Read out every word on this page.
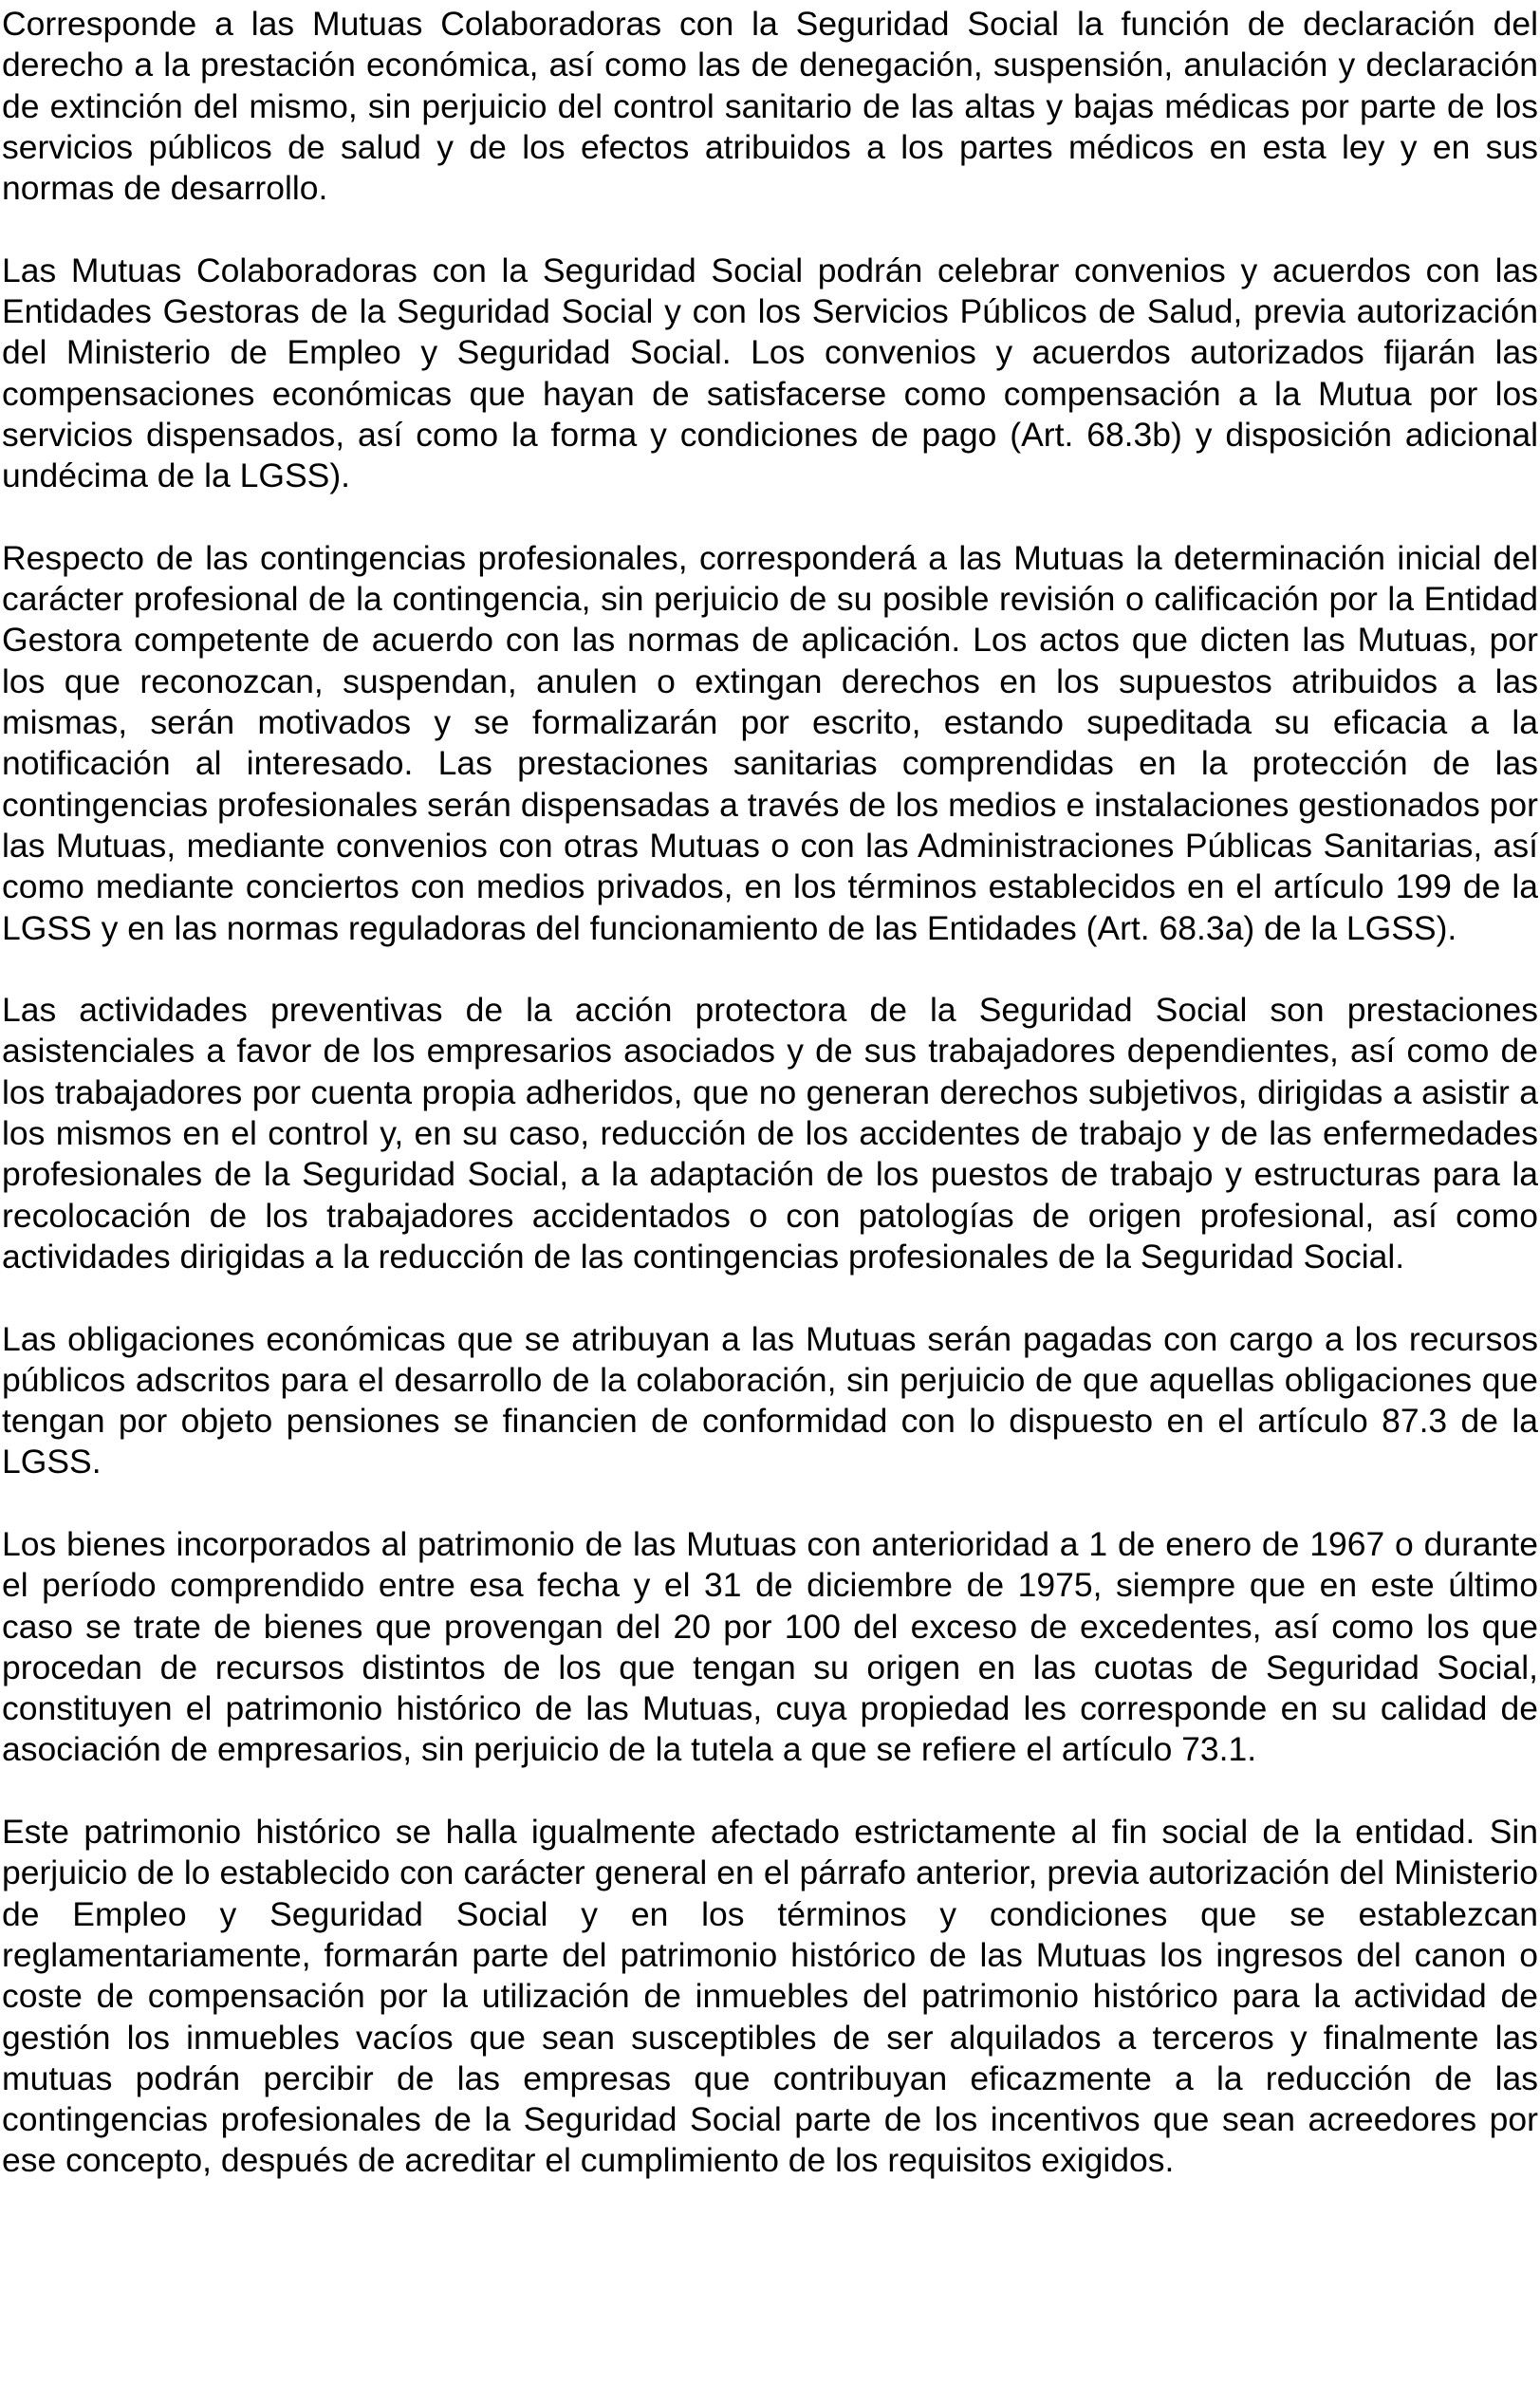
Corresponde a las Mutuas Colaboradoras con la Seguridad Social la función de declaración del derecho a la prestación económica, así como las de denegación, suspensión, anulación y declaración de extinción del mismo, sin perjuicio del control sanitario de las altas y bajas médicas por parte de los servicios públicos de salud y de los efectos atribuidos a los partes médicos en esta ley y en sus normas de desarrollo.

Las Mutuas Colaboradoras con la Seguridad Social podrán celebrar convenios y acuerdos con las Entidades Gestoras de la Seguridad Social y con los Servicios Públicos de Salud, previa autorización del Ministerio de Empleo y Seguridad Social. Los convenios y acuerdos autorizados fijarán las compensaciones económicas que hayan de satisfacerse como compensación a la Mutua por los servicios dispensados, así como la forma y condiciones de pago (Art. 68.3b) y disposición adicional undécima de la LGSS).

Respecto de las contingencias profesionales, corresponderá a las Mutuas la determinación inicial del carácter profesional de la contingencia, sin perjuicio de su posible revisión o calificación por la Entidad Gestora competente de acuerdo con las normas de aplicación. Los actos que dicten las Mutuas, por los que reconozcan, suspendan, anulen o extingan derechos en los supuestos atribuidos a las mismas, serán motivados y se formalizarán por escrito, estando supeditada su eficacia a la notificación al interesado. Las prestaciones sanitarias comprendidas en la protección de las contingencias profesionales serán dispensadas a través de los medios e instalaciones gestionados por las Mutuas, mediante convenios con otras Mutuas o con las Administraciones Públicas Sanitarias, así como mediante conciertos con medios privados, en los términos establecidos en el artículo 199 de la LGSS y en las normas reguladoras del funcionamiento de las Entidades (Art. 68.3a) de la LGSS).

Las actividades preventivas de la acción protectora de la Seguridad Social son prestaciones asistenciales a favor de los empresarios asociados y de sus trabajadores dependientes, así como de los trabajadores por cuenta propia adheridos, que no generan derechos subjetivos, dirigidas a asistir a los mismos en el control y, en su caso, reducción de los accidentes de trabajo y de las enfermedades profesionales de la Seguridad Social, a la adaptación de los puestos de trabajo y estructuras para la recolocación de los trabajadores accidentados o con patologías de origen profesional, así como actividades dirigidas a la reducción de las contingencias profesionales de la Seguridad Social.

Las obligaciones económicas que se atribuyan a las Mutuas serán pagadas con cargo a los recursos públicos adscritos para el desarrollo de la colaboración, sin perjuicio de que aquellas obligaciones que tengan por objeto pensiones se financien de conformidad con lo dispuesto en el artículo 87.3 de la LGSS.

Los bienes incorporados al patrimonio de las Mutuas con anterioridad a 1 de enero de 1967 o durante el período comprendido entre esa fecha y el 31 de diciembre de 1975, siempre que en este último caso se trate de bienes que provengan del 20 por 100 del exceso de excedentes, así como los que procedan de recursos distintos de los que tengan su origen en las cuotas de Seguridad Social, constituyen el patrimonio histórico de las Mutuas, cuya propiedad les corresponde en su calidad de asociación de empresarios, sin perjuicio de la tutela a que se refiere el artículo 73.1.

Este patrimonio histórico se halla igualmente afectado estrictamente al fin social de la entidad. Sin perjuicio de lo establecido con carácter general en el párrafo anterior, previa autorización del Ministerio de Empleo y Seguridad Social y en los términos y condiciones que se establezcan reglamentariamente, formarán parte del patrimonio histórico de las Mutuas los ingresos del canon o coste de compensación por la utilización de inmuebles del patrimonio histórico para la actividad de gestión los inmuebles vacíos que sean susceptibles de ser alquilados a terceros y finalmente las mutuas podrán percibir de las empresas que contribuyan eficazmente a la reducción de las contingencias profesionales de la Seguridad Social parte de los incentivos que sean acreedores por ese concepto, después de acreditar el cumplimiento de los requisitos exigidos.
